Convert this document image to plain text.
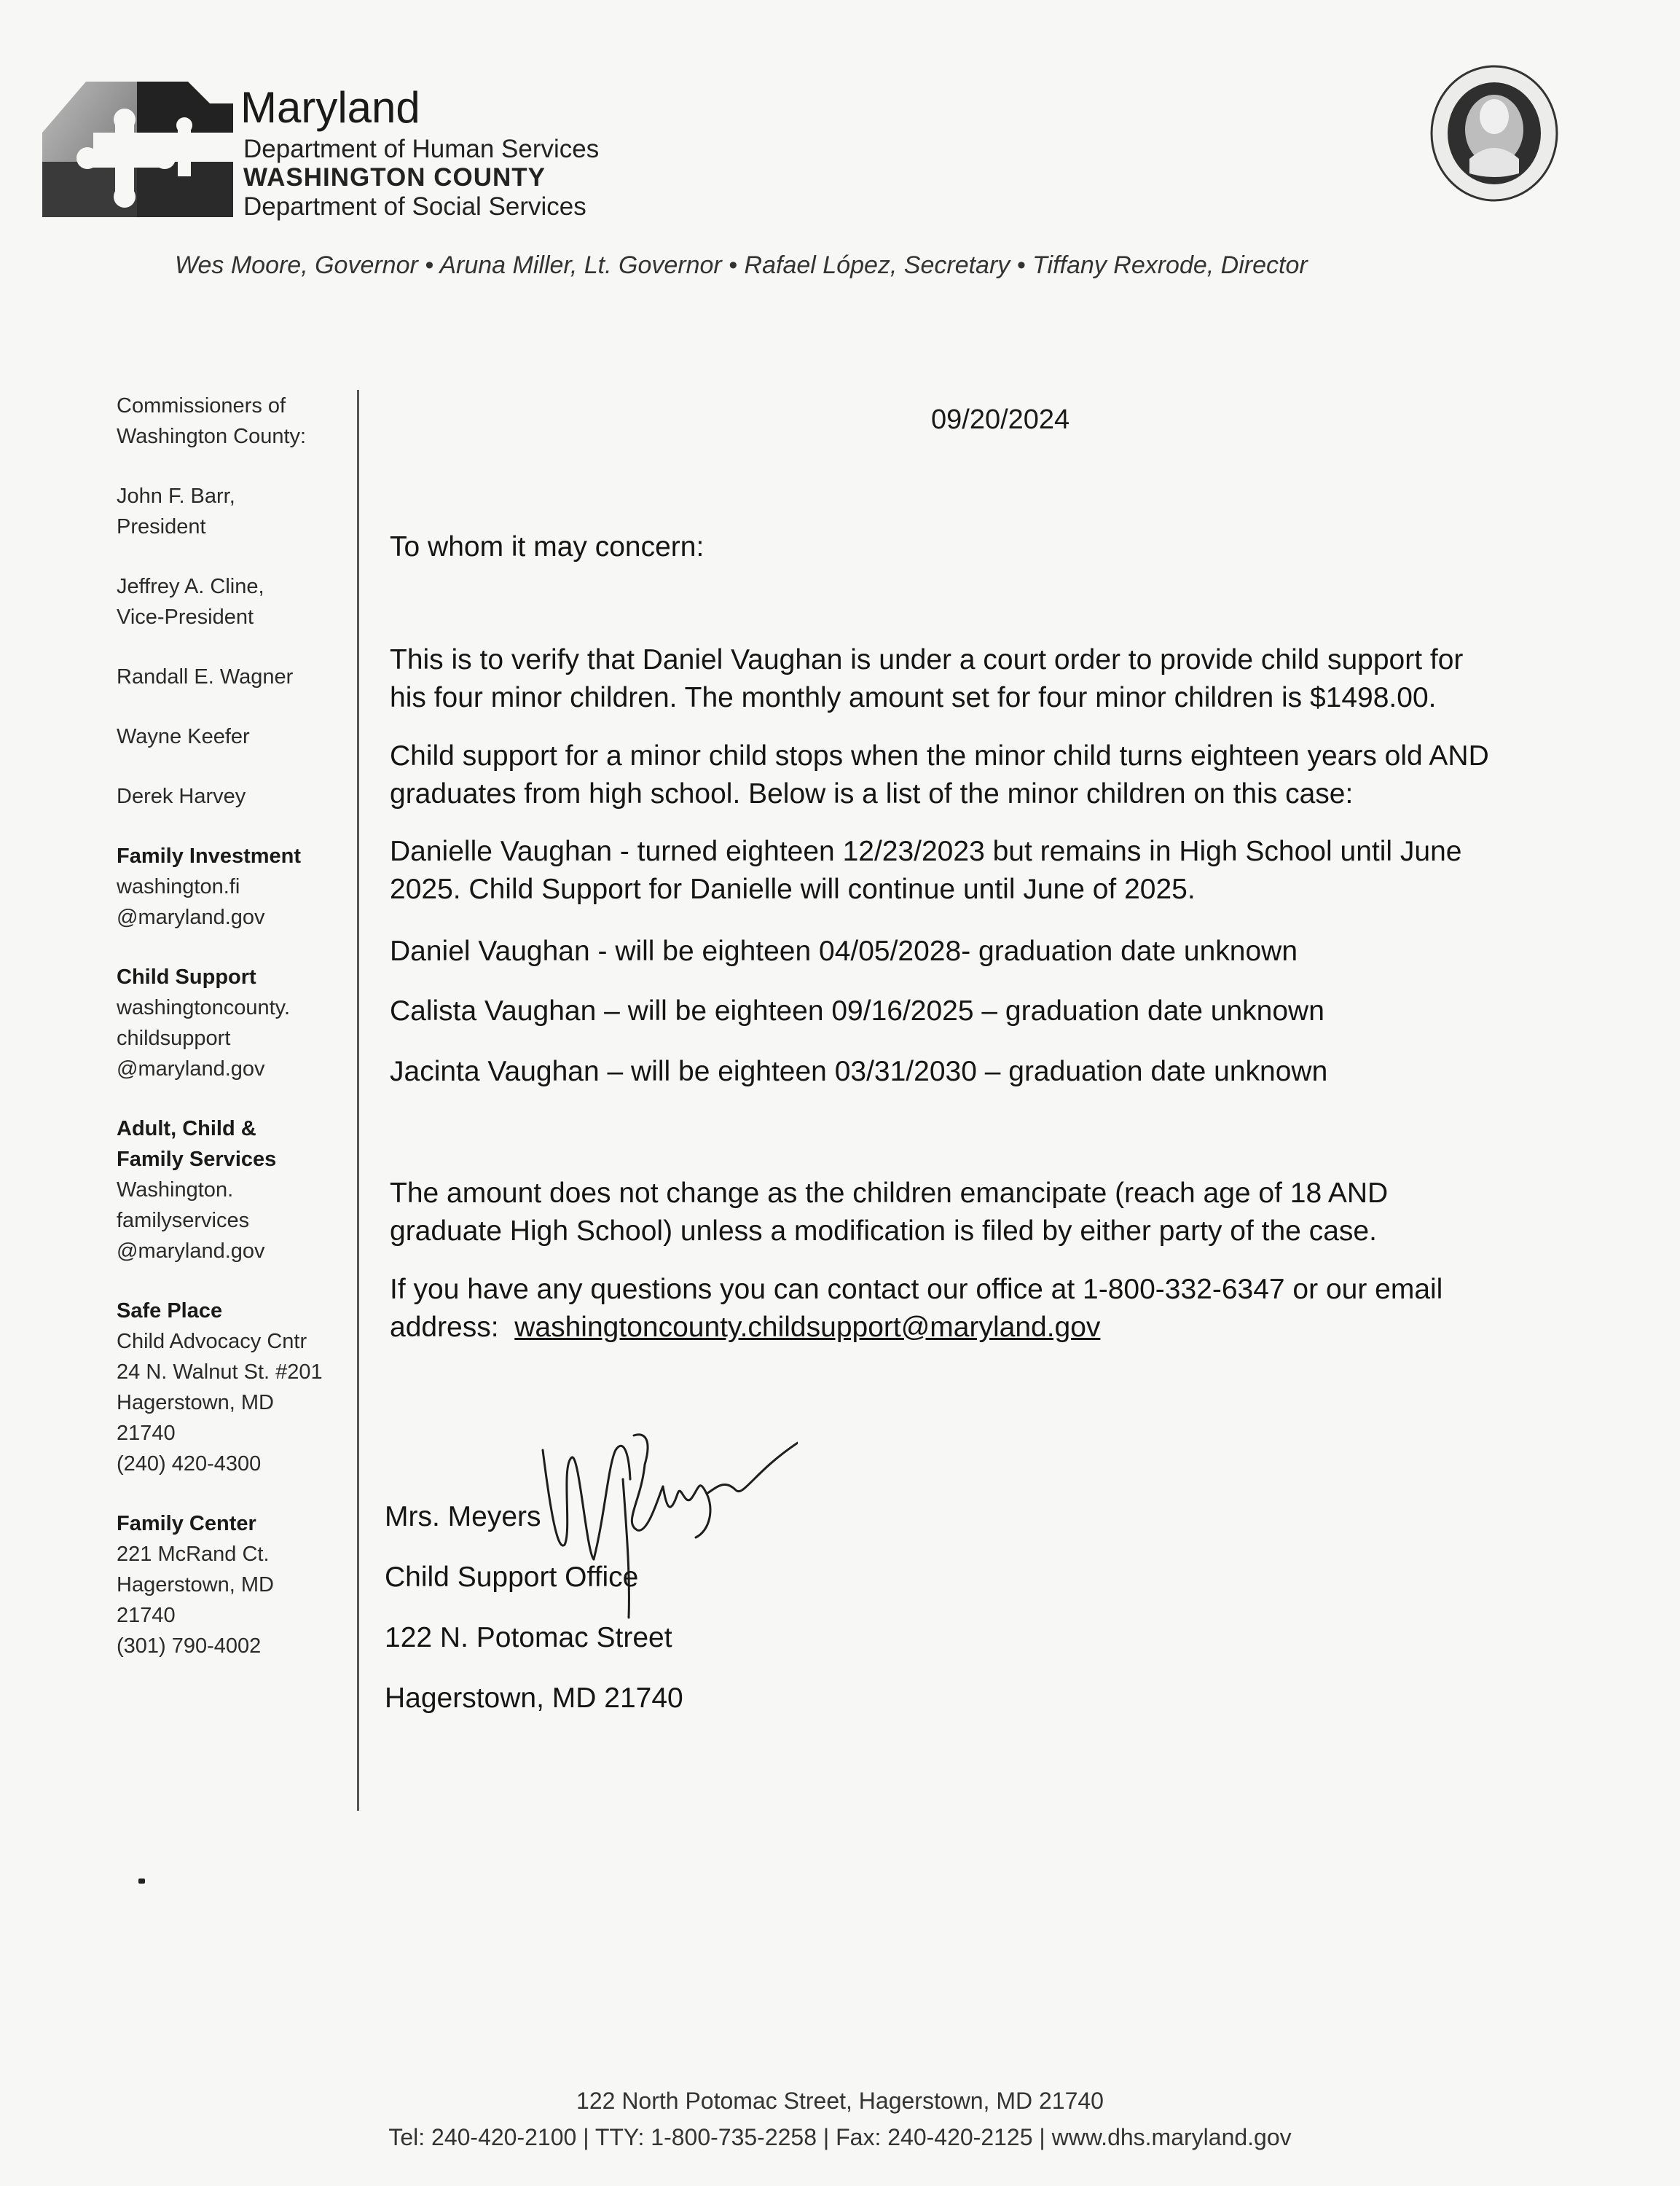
Maryland
Department of Human Services
WASHINGTON COUNTY
Department of Social Services
Wes Moore, Governor • Aruna Miller, Lt. Governor • Rafael López, Secretary • Tiffany Rexrode, Director
Commissioners of
Washington County:
John F. Barr,
President
Jeffrey A. Cline,
Vice-President
Randall E. Wagner
Wayne Keefer
Derek Harvey
Family Investment
washington.fi
@maryland.gov
Child Support
washingtoncounty.
childsupport
@maryland.gov
Adult, Child &
Family Services
Washington.
familyservices
@maryland.gov
Safe Place
Child Advocacy Cntr
24 N. Walnut St. #201
Hagerstown, MD
21740
(240) 420-4300
Family Center
221 McRand Ct.
Hagerstown, MD
21740
(301) 790-4002
09/20/2024
To whom it may concern:
This is to verify that Daniel Vaughan is under a court order to provide child support for
his four minor children. The monthly amount set for four minor children is $1498.00.
Child support for a minor child stops when the minor child turns eighteen years old AND
graduates from high school. Below is a list of the minor children on this case:
Danielle Vaughan - turned eighteen 12/23/2023 but remains in High School until June
2025. Child Support for Danielle will continue until June of 2025.
Daniel Vaughan - will be eighteen 04/05/2028- graduation date unknown
Calista Vaughan – will be eighteen 09/16/2025 – graduation date unknown
Jacinta Vaughan – will be eighteen 03/31/2030 – graduation date unknown
The amount does not change as the children emancipate (reach age of 18 AND
graduate High School) unless a modification is filed by either party of the case.
If you have any questions you can contact our office at 1-800-332-6347 or our email
address:  washingtoncounty.childsupport@maryland.gov
Mrs. Meyers
Child Support Office
122 N. Potomac Street
Hagerstown, MD 21740
122 North Potomac Street, Hagerstown, MD 21740
Tel: 240-420-2100 | TTY: 1-800-735-2258 | Fax: 240-420-2125 | www.dhs.maryland.gov
